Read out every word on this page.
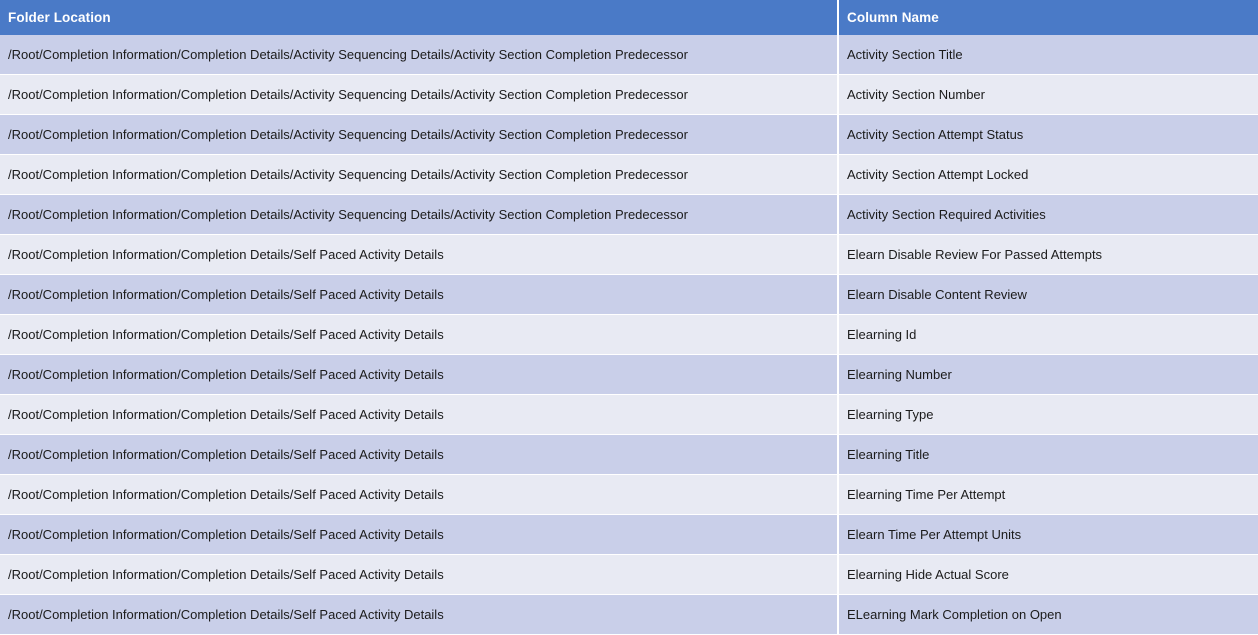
Folder Location	Column Name
/Root/Completion Information/Completion Details/Activity Sequencing Details/Activity Section Completion Predecessor	Activity Section Title
/Root/Completion Information/Completion Details/Activity Sequencing Details/Activity Section Completion Predecessor	Activity Section Number
/Root/Completion Information/Completion Details/Activity Sequencing Details/Activity Section Completion Predecessor	Activity Section Attempt Status
/Root/Completion Information/Completion Details/Activity Sequencing Details/Activity Section Completion Predecessor	Activity Section Attempt Locked
/Root/Completion Information/Completion Details/Activity Sequencing Details/Activity Section Completion Predecessor	Activity Section Required Activities
/Root/Completion Information/Completion Details/Self Paced Activity Details	Elearn Disable Review For Passed Attempts
/Root/Completion Information/Completion Details/Self Paced Activity Details	Elearn Disable Content Review
/Root/Completion Information/Completion Details/Self Paced Activity Details	Elearning Id
/Root/Completion Information/Completion Details/Self Paced Activity Details	Elearning Number
/Root/Completion Information/Completion Details/Self Paced Activity Details	Elearning Type
/Root/Completion Information/Completion Details/Self Paced Activity Details	Elearning Title
/Root/Completion Information/Completion Details/Self Paced Activity Details	Elearning Time Per Attempt
/Root/Completion Information/Completion Details/Self Paced Activity Details	Elearn Time Per Attempt Units
/Root/Completion Information/Completion Details/Self Paced Activity Details	Elearning Hide Actual Score
/Root/Completion Information/Completion Details/Self Paced Activity Details	ELearning Mark Completion on Open
